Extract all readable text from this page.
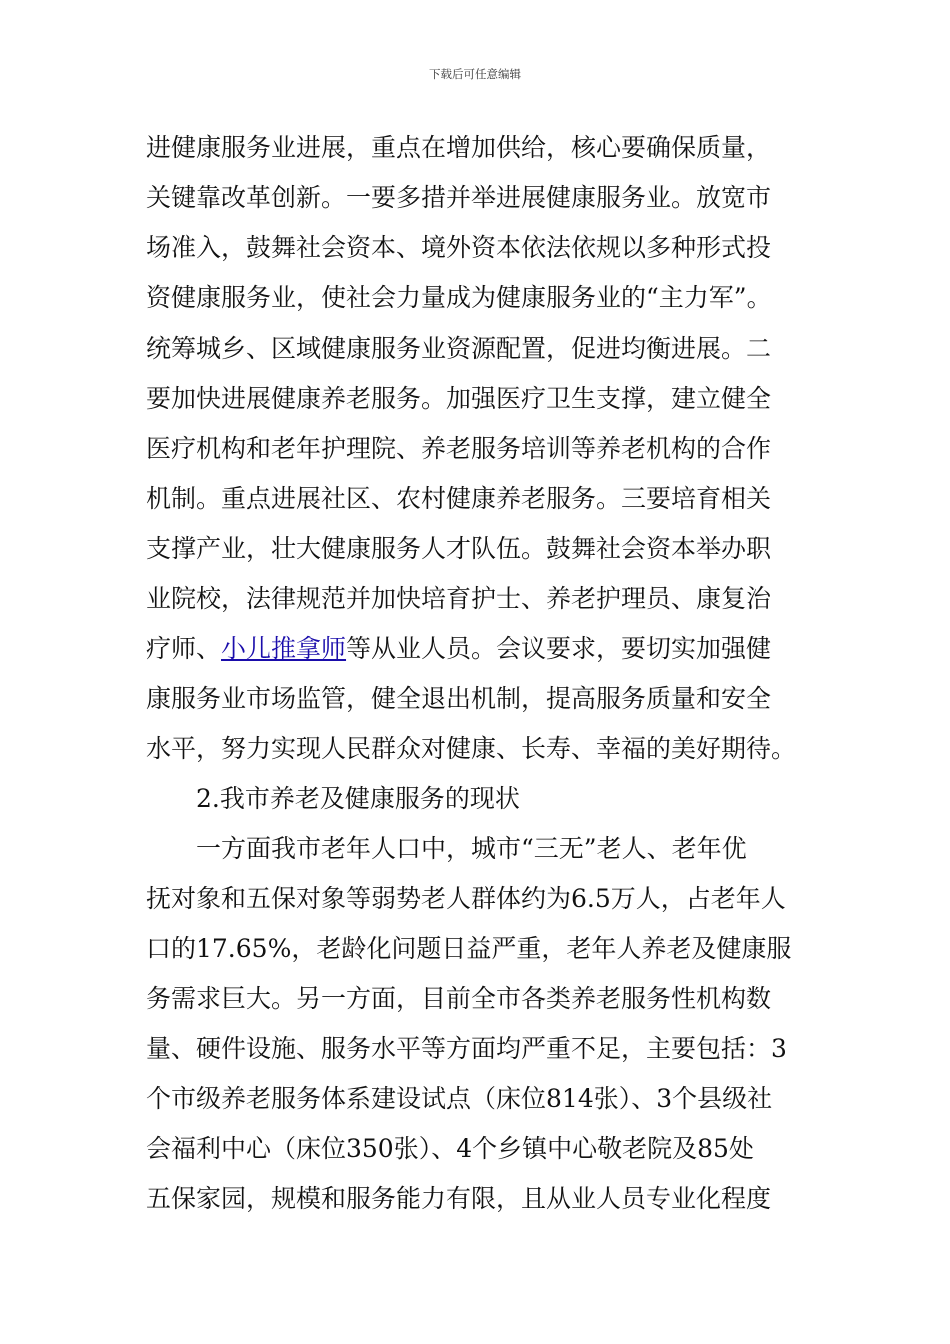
下载后可任意编辑
进健康服务业进展，重点在增加供给，核心要确保质量，
关键靠改革创新。一要多措并举进展健康服务业。放宽市
场准入，鼓舞社会资本、境外资本依法依规以多种形式投
资健康服务业，使社会力量成为健康服务业的“主力军”。
统筹城乡、区域健康服务业资源配置，促进均衡进展。二
要加快进展健康养老服务。加强医疗卫生支撑，建立健全
医疗机构和老年护理院、养老服务培训等养老机构的合作
机制。重点进展社区、农村健康养老服务。三要培育相关
支撑产业，壮大健康服务人才队伍。鼓舞社会资本举办职
业院校，法律规范并加快培育护士、养老护理员、康复治
疗师、小儿推拿师等从业人员。会议要求，要切实加强健
康服务业市场监管，健全退出机制，提高服务质量和安全
水平，努力实现人民群众对健康、长寿、幸福的美好期待。
2.我市养老及健康服务的现状
一方面我市老年人口中，城市“三无”老人、老年优
抚对象和五保对象等弱势老人群体约为6.5万人，占老年人
口的17.65%，老龄化问题日益严重，老年人养老及健康服
务需求巨大。另一方面，目前全市各类养老服务性机构数
量、硬件设施、服务水平等方面均严重不足，主要包括：3
个市级养老服务体系建设试点（床位814张）、3个县级社
会福利中心（床位350张）、4个乡镇中心敬老院及85处
五保家园，规模和服务能力有限，且从业人员专业化程度
